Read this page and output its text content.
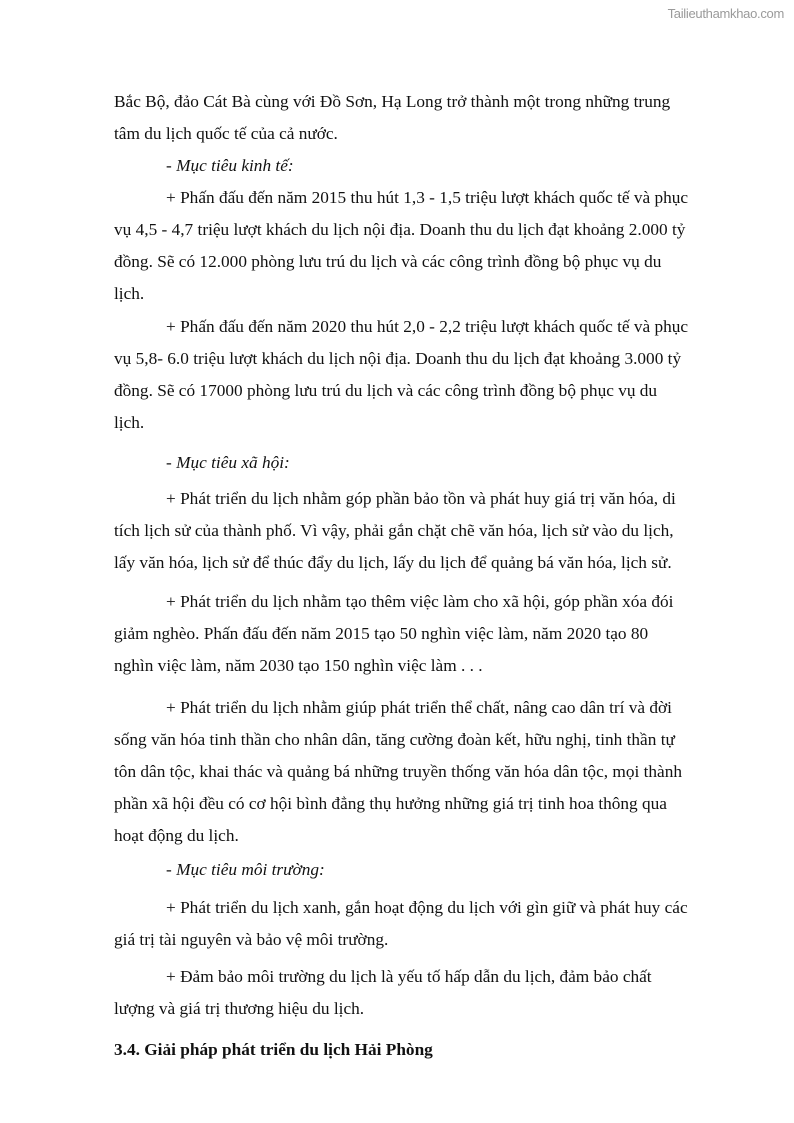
Tailieuthamkhao.com
Bắc Bộ, đảo Cát Bà cùng với Đồ Sơn, Hạ Long trở thành một trong những trung
tâm du lịch quốc tế của cả nước.
- Mục tiêu kinh tế:
+ Phấn đấu đến năm 2015 thu hút 1,3 - 1,5 triệu lượt khách quốc tế và phục
vụ 4,5 - 4,7 triệu lượt khách du lịch nội địa. Doanh thu du lịch đạt khoảng 2.000 tỷ
đồng. Sẽ có 12.000 phòng lưu trú du lịch và các công trình đồng bộ phục vụ du
lịch.
+ Phấn đấu đến năm 2020 thu hút 2,0 - 2,2 triệu lượt khách quốc tế và phục
vụ 5,8- 6.0 triệu lượt khách du lịch nội địa. Doanh thu du lịch đạt khoảng 3.000 tỷ
đồng. Sẽ có 17000 phòng lưu trú du lịch và các công trình đồng bộ phục vụ du
lịch.
- Mục tiêu xã hội:
+ Phát triển du lịch nhằm góp phần bảo tồn và phát huy giá trị văn hóa, di
tích lịch sử của thành phố. Vì vậy, phải gắn chặt chẽ văn hóa, lịch sử vào du lịch,
lấy văn hóa, lịch sử để thúc đẩy du lịch, lấy du lịch để quảng bá văn hóa, lịch sử.
+ Phát triển du lịch nhằm tạo thêm việc làm cho xã hội, góp phần xóa đói
giảm nghèo. Phấn đấu đến năm 2015 tạo 50 nghìn việc làm, năm 2020 tạo 80
nghìn việc làm, năm 2030 tạo 150 nghìn việc làm . . .
+ Phát triển du lịch nhằm giúp phát triển thể chất, nâng cao dân trí và đời
sống văn hóa tinh thần cho nhân dân, tăng cường đoàn kết, hữu nghị, tinh thần tự
tôn dân tộc, khai thác và quảng bá những truyền thống văn hóa dân tộc, mọi thành
phần xã hội đều có cơ hội bình đẳng thụ hưởng những giá trị tinh hoa thông qua
hoạt động du lịch.
- Mục tiêu môi trường:
+ Phát triển du lịch xanh, gắn hoạt động du lịch với gìn giữ và phát huy các
giá trị tài nguyên và bảo vệ môi trường.
+ Đảm bảo môi trường du lịch là yếu tố hấp dẫn du lịch, đảm bảo chất
lượng và giá trị thương hiệu du lịch.
3.4. Giải pháp phát triển du lịch Hải Phòng
